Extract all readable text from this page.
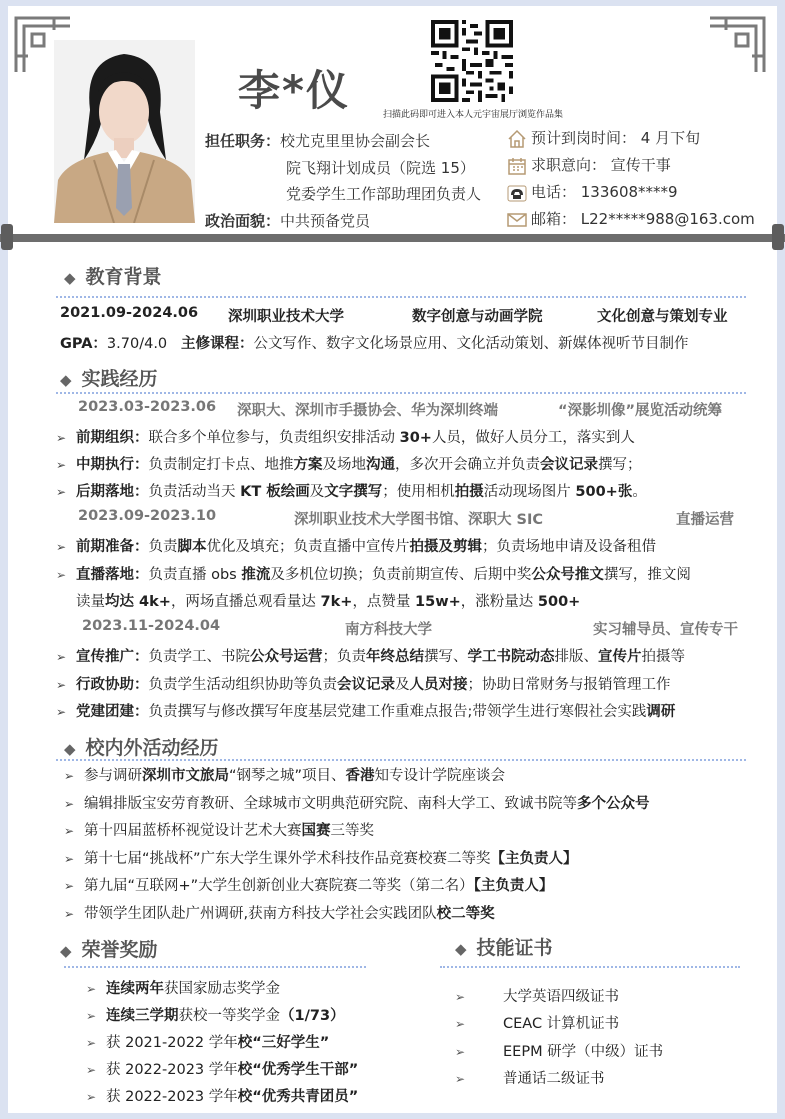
李*仪	扫描此码即可进入本人元宇宙展厅浏览作品集
担任职务：校尤克里里协会副会长
院飞翔计划成员（院选 15）
党委学生工作部助理团负责人
政治面貌：中共预备党员
预计到岗时间： 4 月下旬
求职意向： 宣传干事
电话： 133608****9
邮箱： L22*****988@163.com
◆ 教育背景
2021.09-2024.06 深圳职业技术大学	数字创意与动画学院	文化创意与策划专业
GPA：3.70/4.0 主修课程：公文写作、数字文化场景应用、文化活动策划、新媒体视听节目制作
◆ 实践经历
2023.03-2023.06 深职大、深圳市手摄协会、华为深圳终端	“深影圳像”展览活动统筹
➢ 前期组织：联合多个单位参与，负责组织安排活动 30+人员，做好人员分工，落实到人
➢ 中期执行：负责制定打卡点、地推方案及场地沟通，多次开会确立并负责会议记录撰写；
➢ 后期落地：负责活动当天 KT 板绘画及文字撰写；使用相机拍摄活动现场图片 500+张。
2023.09-2023.10	深圳职业技术大学图书馆、深职大 SIC	直播运营
➢ 前期准备：负责脚本优化及填充；负责直播中宣传片拍摄及剪辑；负责场地申请及设备租借
➢ 直播落地：负责直播 obs 推流及多机位切换；负责前期宣传、后期中奖公众号推文撰写，推文阅
读量均达 4k+，两场直播总观看量达 7k+，点赞量 15w+，涨粉量达 500+
2023.11-2024.04	南方科技大学	实习辅导员、宣传专干
➢ 宣传推广：负责学工、书院公众号运营；负责年终总结撰写、学工书院动态排版、宣传片拍摄等
➢ 行政协助：负责学生活动组织协助等负责会议记录及人员对接；协助日常财务与报销管理工作
➢ 党建团建：负责撰写与修改撰写年度基层党建工作重难点报告;带领学生进行寒假社会实践调研
◆ 校内外活动经历
➢ 参与调研深圳市文旅局“钢琴之城”项目、香港知专设计学院座谈会
➢ 编辑排版宝安劳育教研、全球城市文明典范研究院、南科大学工、致诚书院等多个公众号
➢ 第十四届蓝桥杯视觉设计艺术大赛国赛三等奖
➢ 第十七届“挑战杯”广东大学生课外学术科技作品竞赛校赛二等奖【主负责人】
➢ 第九届“互联网+”大学生创新创业大赛院赛二等奖（第二名）【主负责人】
➢ 带领学生团队赴广州调研,获南方科技大学社会实践团队校二等奖
◆ 荣誉奖励
➢ 连续两年获国家励志奖学金
➢ 连续三学期获校一等奖学金（1/73）
➢ 获 2021-2022 学年校“三好学生”
➢ 获 2022-2023 学年校“优秀学生干部”
➢ 获 2022-2023 学年校“优秀共青团员”
◆ 技能证书
➢	大学英语四级证书
➢	CEAC 计算机证书
➢	EEPM 研学（中级）证书
➢	普通话二级证书
